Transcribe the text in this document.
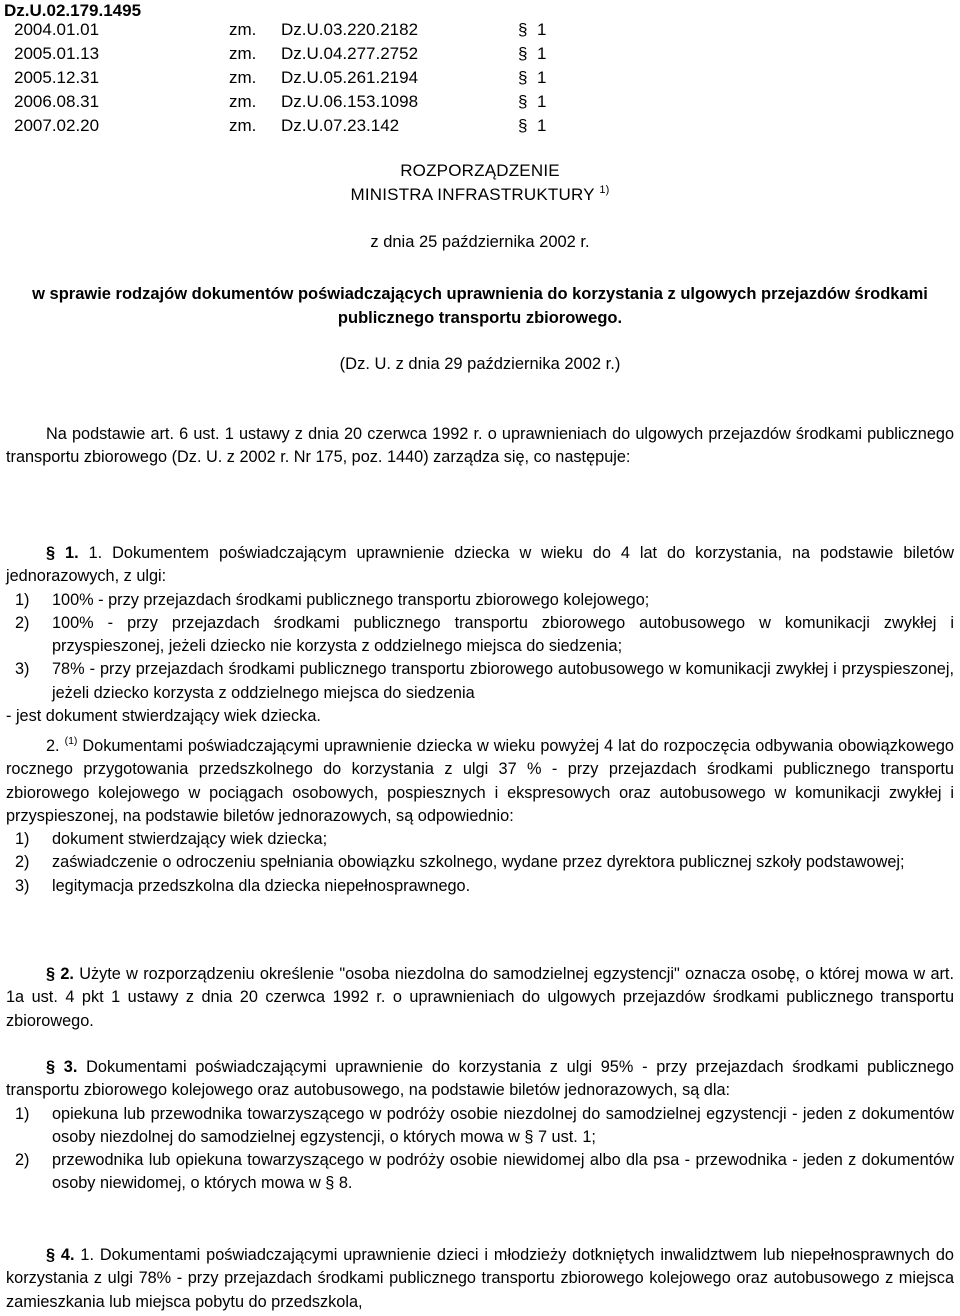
Dz.U.02.179.1495
2004.01.01	zm. Dz.U.03.220.2182	§ 1
2005.01.13	zm. Dz.U.04.277.2752	§ 1
2005.12.31	zm. Dz.U.05.261.2194	§ 1
2006.08.31	zm. Dz.U.06.153.1098	§ 1
2007.02.20	zm. Dz.U.07.23.142	§ 1
ROZPORZĄDZENIE
MINISTRA INFRASTRUKTURY $^{1)}$
z dnia 25 października 2002 r.
w sprawie rodzajów dokumentów poświadczających uprawnienia do korzystania z ulgowych przejazdów środkami publicznego transportu zbiorowego.
(Dz. U. z dnia 29 października 2002 r.)
Na podstawie art. 6 ust. 1 ustawy z dnia 20 czerwca 1992 r. o uprawnieniach do ulgowych przejazdów środkami publicznego transportu zbiorowego (Dz. U. z 2002 r. Nr 175, poz. 1440) zarządza się, co następuje:
§ 1. 1. Dokumentem poświadczającym uprawnienie dziecka w wieku do 4 lat do korzystania, na podstawie biletów jednorazowych, z ulgi:
1)	100% - przy przejazdach środkami publicznego transportu zbiorowego kolejowego;
2)	100% - przy przejazdach środkami publicznego transportu zbiorowego autobusowego w komunikacji zwykłej i przyspieszonej, jeżeli dziecko nie korzysta z oddzielnego miejsca do siedzenia;
3)	78% - przy przejazdach środkami publicznego transportu zbiorowego autobusowego w komunikacji zwykłej i przyspieszonej, jeżeli dziecko korzysta z oddzielnego miejsca do siedzenia
- jest dokument stwierdzający wiek dziecka.
2. $^{(1)}$ Dokumentami poświadczającymi uprawnienie dziecka w wieku powyżej 4 lat do rozpoczęcia odbywania obowiązkowego rocznego przygotowania przedszkolnego do korzystania z ulgi 37 % - przy przejazdach środkami publicznego transportu zbiorowego kolejowego w pociągach osobowych, pospiesznych i ekspresowych oraz autobusowego w komunikacji zwykłej i przyspieszonej, na podstawie biletów jednorazowych, są odpowiednio:
1)	dokument stwierdzający wiek dziecka;
2)	zaświadczenie o odroczeniu spełniania obowiązku szkolnego, wydane przez dyrektora publicznej szkoły podstawowej;
3)	legitymacja przedszkolna dla dziecka niepełnosprawnego.
§ 2. Użyte w rozporządzeniu określenie "osoba niezdolna do samodzielnej egzystencji" oznacza osobę, o której mowa w art. 1a ust. 4 pkt 1 ustawy z dnia 20 czerwca 1992 r. o uprawnieniach do ulgowych przejazdów środkami publicznego transportu zbiorowego.
§ 3. Dokumentami poświadczającymi uprawnienie do korzystania z ulgi 95% - przy przejazdach środkami publicznego transportu zbiorowego kolejowego oraz autobusowego, na podstawie biletów jednorazowych, są dla:
1)	opiekuna lub przewodnika towarzyszącego w podróży osobie niezdolnej do samodzielnej egzystencji - jeden z dokumentów osoby niezdolnej do samodzielnej egzystencji, o których mowa w § 7 ust. 1;
2)	przewodnika lub opiekuna towarzyszącego w podróży osobie niewidomej albo dla psa - przewodnika - jeden z dokumentów osoby niewidomej, o których mowa w § 8.
§ 4. 1. Dokumentami poświadczającymi uprawnienie dzieci i młodzieży dotkniętych inwalidztwem lub niepełnosprawnych do korzystania z ulgi 78% - przy przejazdach środkami publicznego transportu zbiorowego kolejowego oraz autobusowego z miejsca zamieszkania lub miejsca pobytu do przedszkola,
